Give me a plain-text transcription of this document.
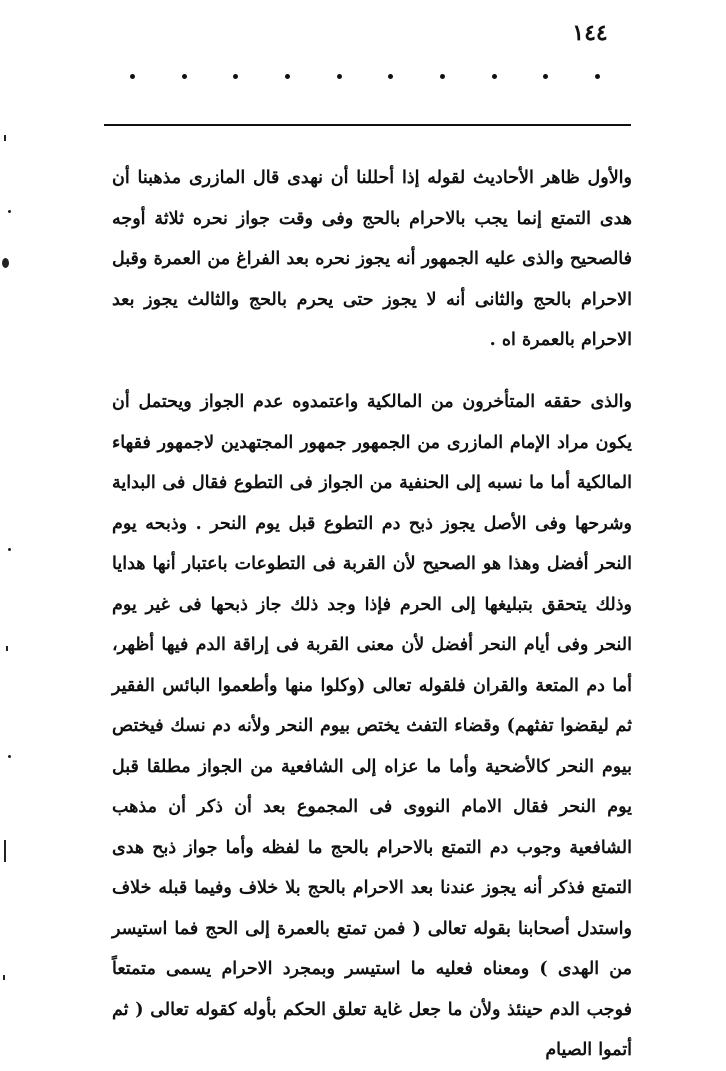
١٤٤

والأول ظاهر الأحاديث لقوله إذا أحللنا أن نهدى قال المازرى مذهبنا أن هدى التمتع إنما يجب بالاحرام بالحج وفى وقت جواز نحره ثلاثة أوجه فالصحيح والذى عليه الجمهور أنه يجوز نحره بعد الفراغ من العمرة وقبل الاحرام بالحج والثانى أنه لا يجوز حتى يحرم بالحج والثالث يجوز بعد الاحرام بالعمرة اه .

والذى حققه المتأخرون من المالكية واعتمدوه عدم الجواز ويحتمل أن يكون مراد الإمام المازرى من الجمهور جمهور المجتهدين لاجمهور فقهاء المالكية أما ما نسبه إلى الحنفية من الجواز فى التطوع فقال فى البداية وشرحها وفى الأصل يجوز ذبح دم التطوع قبل يوم النحر . وذبحه يوم النحر أفضل وهذا هو الصحيح لأن القربة فى التطوعات باعتبار أنها هدايا وذلك يتحقق بتبليغها إلى الحرم فإذا وجد ذلك جاز ذبحها فى غير يوم النحر وفى أيام النحر أفضل لأن معنى القربة فى إراقة الدم فيها أظهر، أما دم المتعة والقران فلقوله تعالى (وكلوا منها وأطعموا البائس الفقير ثم ليقضوا تفثهم) وقضاء التفث يختص بيوم النحر ولأنه دم نسك فيختص بيوم النحر كالأضحية وأما ما عزاه إلى الشافعية من الجواز مطلقا قبل يوم النحر فقال الامام النووى فى المجموع بعد أن ذكر أن مذهب الشافعية وجوب دم التمتع بالاحرام بالحج ما لفظه وأما جواز ذبح هدى التمتع فذكر أنه يجوز عندنا بعد الاحرام بالحج بلا خلاف وفيما قبله خلاف واستدل أصحابنا بقوله تعالى ( فمن تمتع بالعمرة إلى الحج فما استيسر من الهدى ) ومعناه فعليه ما استيسر وبمجرد الاحرام يسمى متمتعاً فوجب الدم حينئذ ولأن ما جعل غاية تعلق الحكم بأوله كقوله تعالى ( ثم أتموا الصيام
